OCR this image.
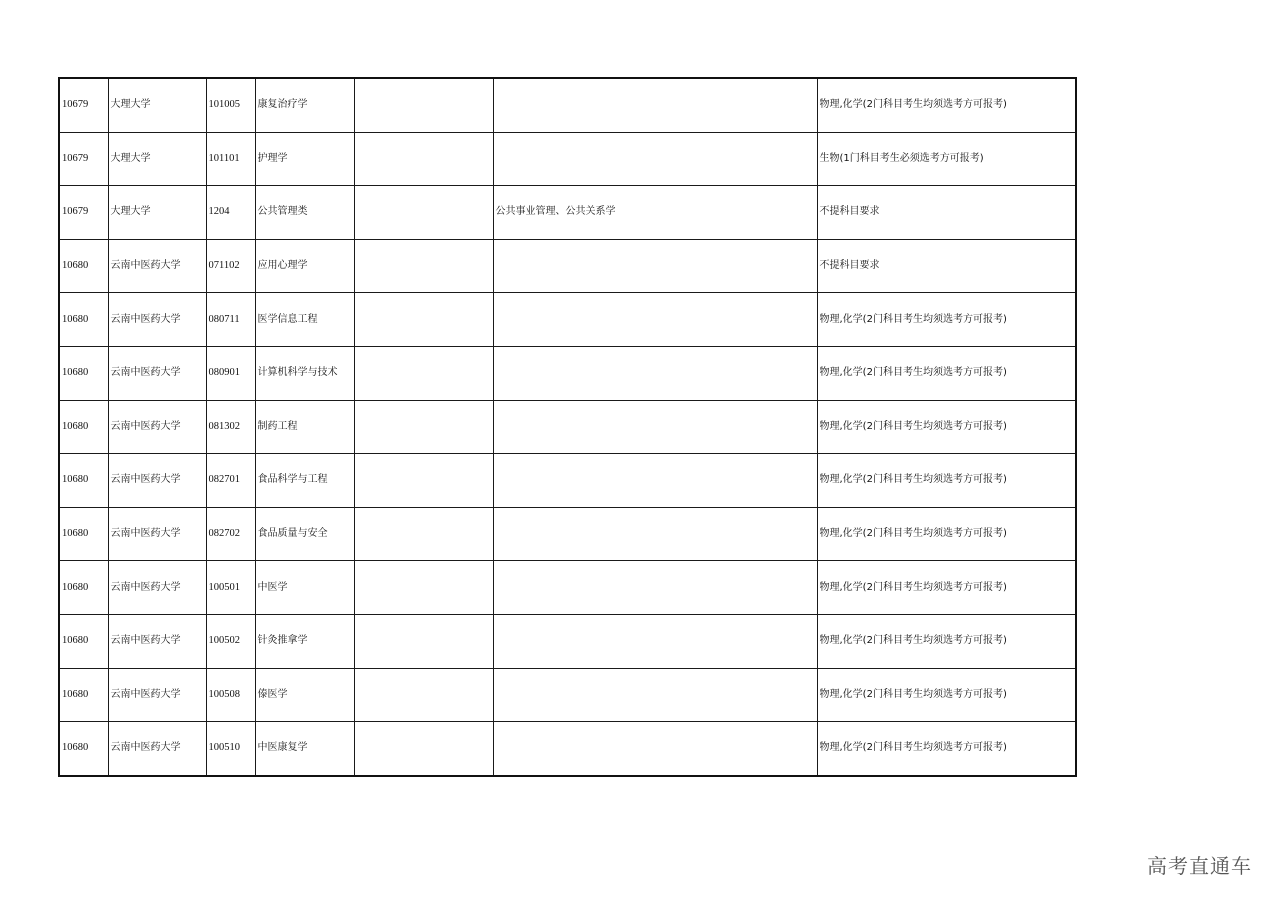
10679	大理大学	101005	康复治疗学			物理,化学(2门科目考生均须选考方可报考)
10679	大理大学	101101	护理学			生物(1门科目考生必须选考方可报考)
10679	大理大学	1204	公共管理类		公共事业管理、公共关系学	不提科目要求
10680	云南中医药大学	071102	应用心理学			不提科目要求
10680	云南中医药大学	080711	医学信息工程			物理,化学(2门科目考生均须选考方可报考)
10680	云南中医药大学	080901	计算机科学与技术			物理,化学(2门科目考生均须选考方可报考)
10680	云南中医药大学	081302	制药工程			物理,化学(2门科目考生均须选考方可报考)
10680	云南中医药大学	082701	食品科学与工程			物理,化学(2门科目考生均须选考方可报考)
10680	云南中医药大学	082702	食品质量与安全			物理,化学(2门科目考生均须选考方可报考)
10680	云南中医药大学	100501	中医学			物理,化学(2门科目考生均须选考方可报考)
10680	云南中医药大学	100502	针灸推拿学			物理,化学(2门科目考生均须选考方可报考)
10680	云南中医药大学	100508	傣医学			物理,化学(2门科目考生均须选考方可报考)
10680	云南中医药大学	100510	中医康复学			物理,化学(2门科目考生均须选考方可报考)
高考直通车
